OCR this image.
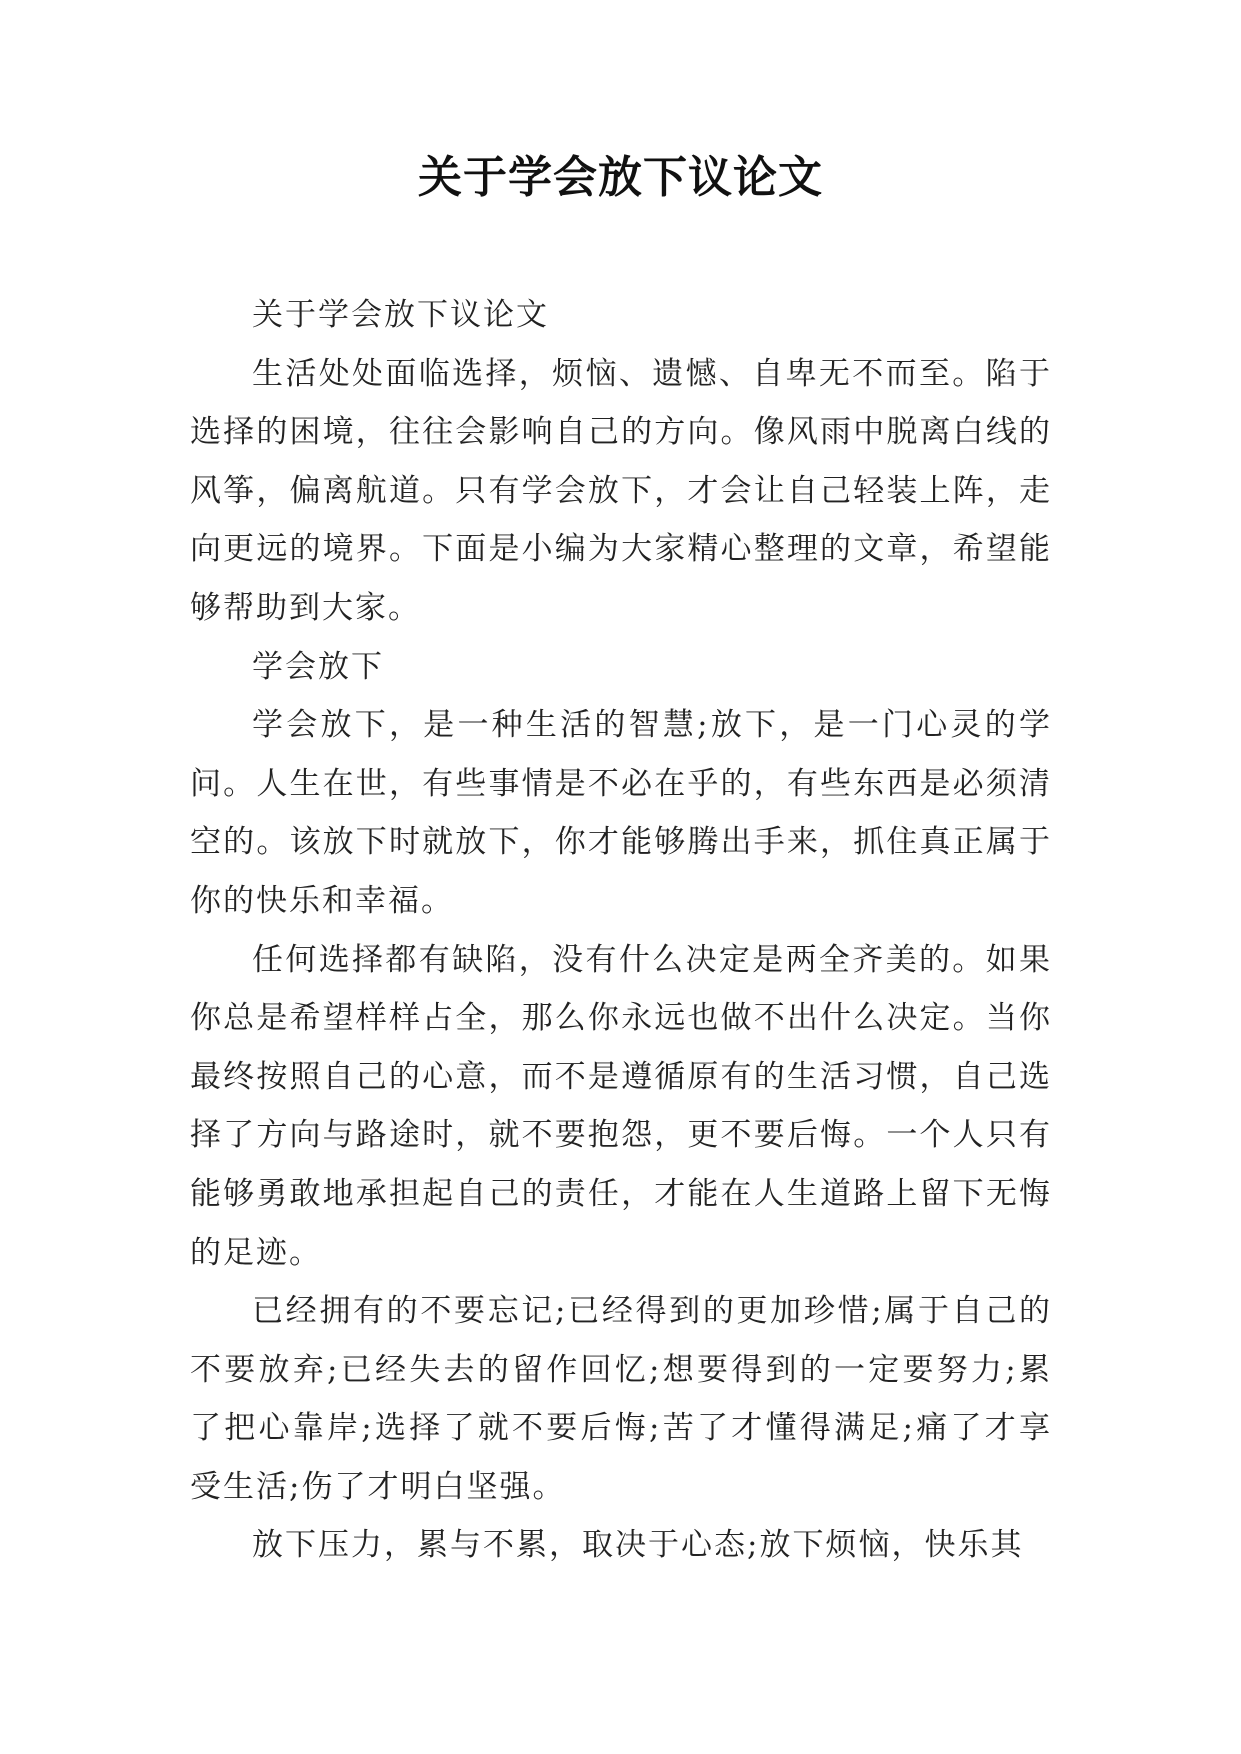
关于学会放下议论文

关于学会放下议论文

生活处处面临选择，烦恼、遗憾、自卑无不而至。陷于选择的困境，往往会影响自己的方向。像风雨中脱离白线的风筝，偏离航道。只有学会放下，才会让自己轻装上阵，走向更远的境界。下面是小编为大家精心整理的文章，希望能够帮助到大家。

学会放下

学会放下，是一种生活的智慧;放下，是一门心灵的学问。人生在世，有些事情是不必在乎的，有些东西是必须清空的。该放下时就放下，你才能够腾出手来，抓住真正属于你的快乐和幸福。

任何选择都有缺陷，没有什么决定是两全齐美的。如果你总是希望样样占全，那么你永远也做不出什么决定。当你最终按照自己的心意，而不是遵循原有的生活习惯，自己选择了方向与路途时，就不要抱怨，更不要后悔。一个人只有能够勇敢地承担起自己的责任，才能在人生道路上留下无悔的足迹。

已经拥有的不要忘记;已经得到的更加珍惜;属于自己的不要放弃;已经失去的留作回忆;想要得到的一定要努力;累了把心靠岸;选择了就不要后悔;苦了才懂得满足;痛了才享受生活;伤了才明白坚强。

放下压力，累与不累，取决于心态;放下烦恼，快乐其
